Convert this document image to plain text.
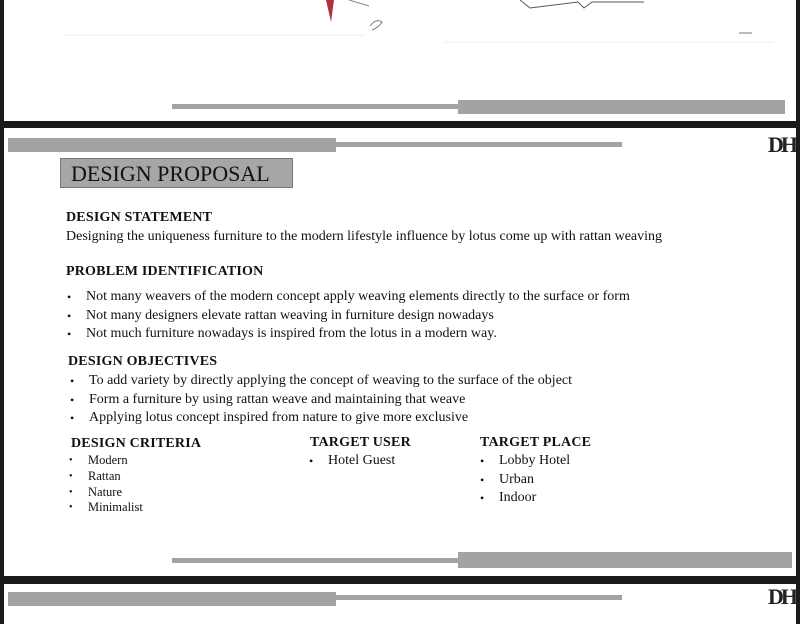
DH
DESIGN PROPOSAL
DESIGN STATEMENT
Designing the uniqueness furniture to the modern lifestyle influence by lotus come up with rattan weaving
PROBLEM IDENTIFICATION
• Not many weavers of the modern concept apply weaving elements directly to the surface or form
• Not many designers elevate rattan weaving in furniture design nowadays
• Not much furniture nowadays is inspired from the lotus in a modern way.
DESIGN OBJECTIVES
• To add variety by directly applying the concept of weaving to the surface of the object
• Form a furniture by using rattan weave and maintaining that weave
• Applying lotus concept inspired from nature to give more exclusive
DESIGN CRITERIA
• Modern
• Rattan
• Nature
• Minimalist
TARGET USER
• Hotel Guest
TARGET PLACE
• Lobby Hotel
• Urban
• Indoor
DH
